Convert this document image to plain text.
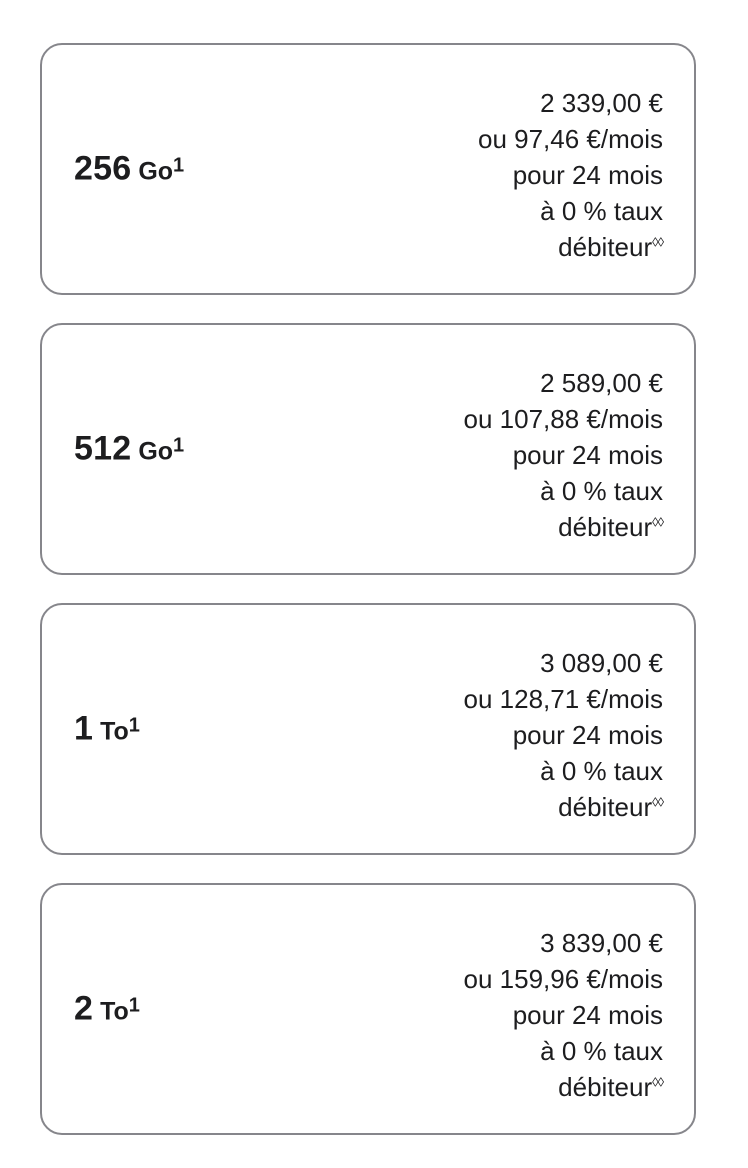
256 Go1
2 339,00 €
ou 97,46 €/mois
pour 24 mois
à 0 % taux
débiteur◊◊
512 Go1
2 589,00 €
ou 107,88 €/mois
pour 24 mois
à 0 % taux
débiteur◊◊
1 To1
3 089,00 €
ou 128,71 €/mois
pour 24 mois
à 0 % taux
débiteur◊◊
2 To1
3 839,00 €
ou 159,96 €/mois
pour 24 mois
à 0 % taux
débiteur◊◊
